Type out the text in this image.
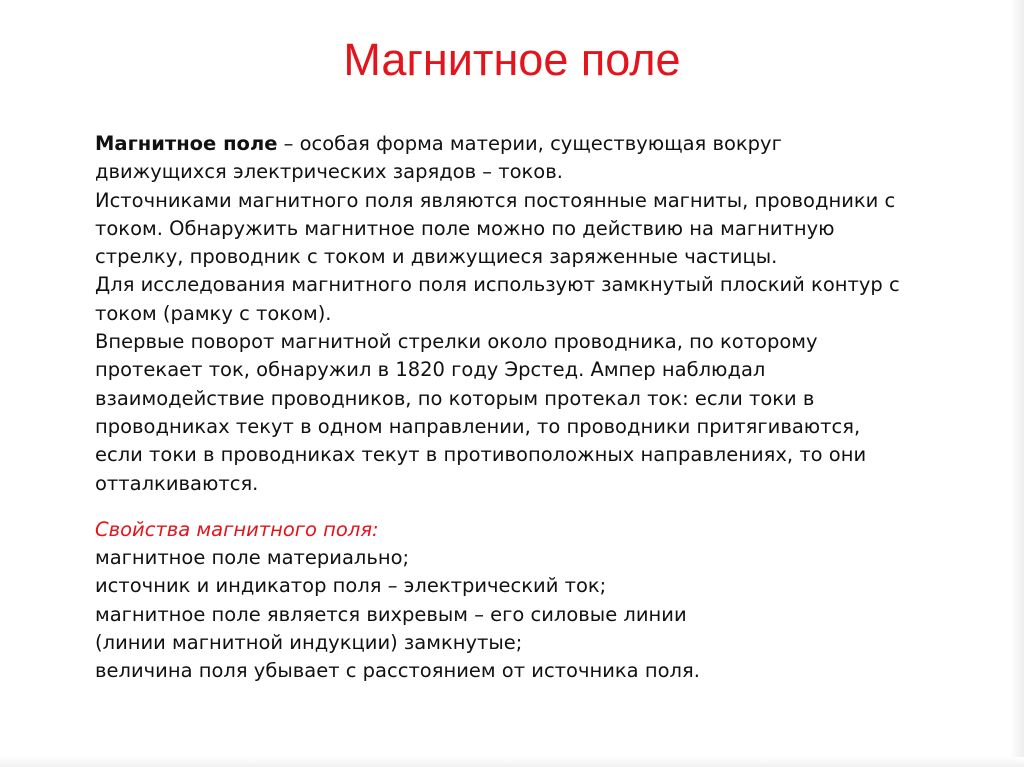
Магнитное поле
Магнитное поле – особая форма материи, существующая вокруг
движущихся электрических зарядов – токов.
Источниками магнитного поля являются постоянные магниты, проводники с
током. Обнаружить магнитное поле можно по действию на магнитную
стрелку, проводник с током и движущиеся заряженные частицы.
Для исследования магнитного поля используют замкнутый плоский контур с
током (рамку с током).
Впервые поворот магнитной стрелки около проводника, по которому
протекает ток, обнаружил в 1820 году Эрстед. Ампер наблюдал
взаимодействие проводников, по которым протекал ток: если токи в
проводниках текут в одном направлении, то проводники притягиваются,
если токи в проводниках текут в противоположных направлениях, то они
отталкиваются.
Свойства магнитного поля:
магнитное поле материально;
источник и индикатор поля – электрический ток;
магнитное поле является вихревым – его силовые линии
(линии магнитной индукции) замкнутые;
величина поля убывает с расстоянием от источника поля.
